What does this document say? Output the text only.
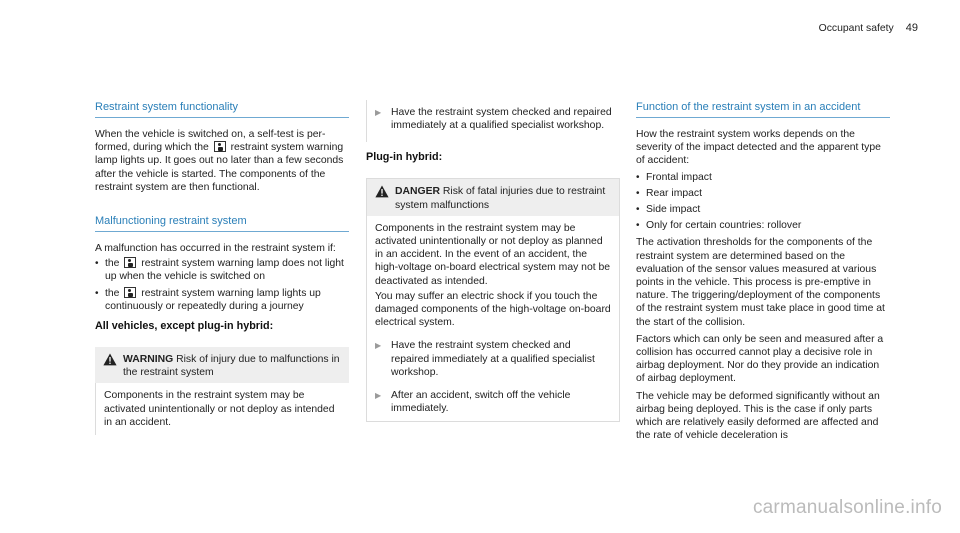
Occupant safety 49

Restraint system functionality

When the vehicle is switched on, a self-test is performed, during which the restraint system warning lamp lights up. It goes out no later than a few seconds after the vehicle is started. The components of the restraint system are then functional.

Malfunctioning restraint system

A malfunction has occurred in the restraint system if:

• the restraint system warning lamp does not light up when the vehicle is switched on

• the restraint system warning lamp lights up continuously or repeatedly during a journey

All vehicles, except plug-in hybrid:

WARNING Risk of injury due to malfunctions in the restraint system

Components in the restraint system may be activated unintentionally or not deploy as intended in an accident.

▶ Have the restraint system checked and repaired immediately at a qualified specialist workshop.

Plug-in hybrid:

DANGER Risk of fatal injuries due to restraint system malfunctions

Components in the restraint system may be activated unintentionally or not deploy as planned in an accident. In the event of an accident, the high-voltage on-board electrical system may not be deactivated as intended.

You may suffer an electric shock if you touch the damaged components of the high-voltage on-board electrical system.

▶ Have the restraint system checked and repaired immediately at a qualified specialist workshop.

▶ After an accident, switch off the vehicle immediately.

Function of the restraint system in an accident

How the restraint system works depends on the severity of the impact detected and the apparent type of accident:

• Frontal impact

• Rear impact

• Side impact

• Only for certain countries: rollover

The activation thresholds for the components of the restraint system are determined based on the evaluation of the sensor values measured at various points in the vehicle. This process is pre-emptive in nature. The triggering/deployment of the components of the restraint system must take place in good time at the start of the collision.

Factors which can only be seen and measured after a collision has occurred cannot play a decisive role in airbag deployment. Nor do they provide an indication of airbag deployment.

The vehicle may be deformed significantly without an airbag being deployed. This is the case if only parts which are relatively easily deformed are affected and the rate of vehicle deceleration is

carmanualsonline.info
